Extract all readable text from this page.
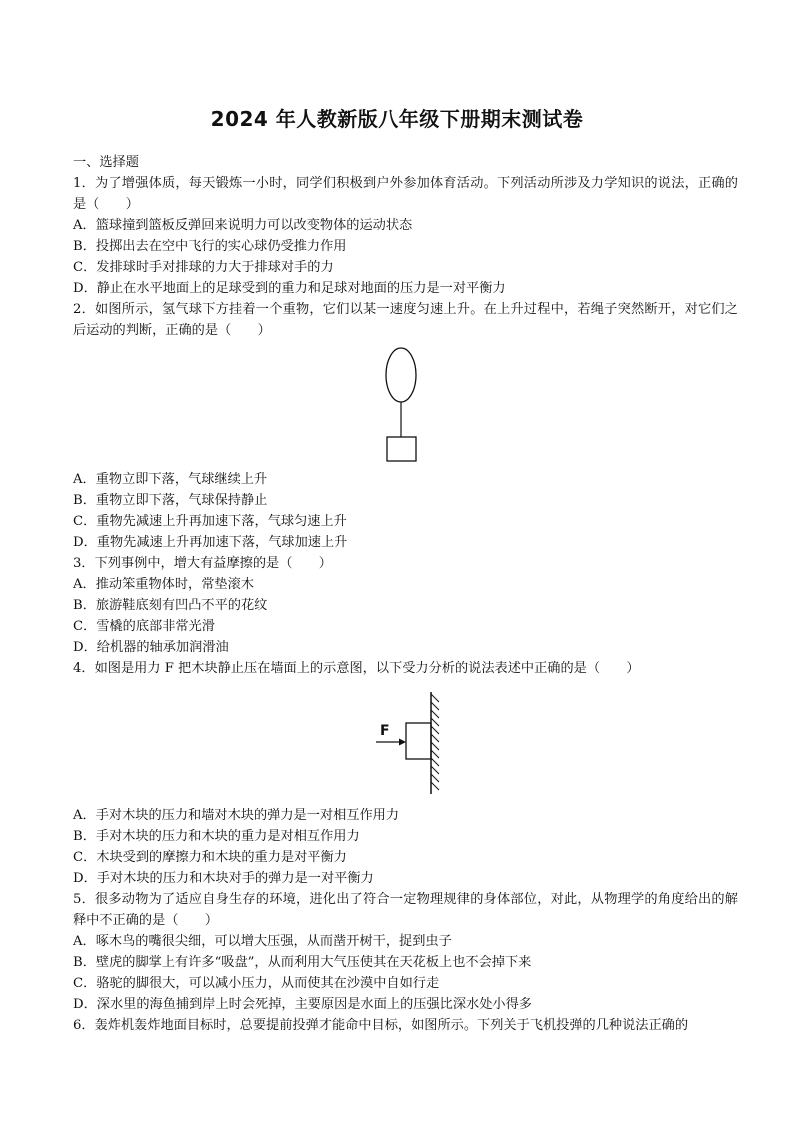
2024 年人教新版八年级下册期末测试卷
一、选择题
1．为了增强体质，每天锻炼一小时，同学们积极到户外参加体育活动。下列活动所涉及力学知识的说法，正确的是（　　）
A．篮球撞到篮板反弹回来说明力可以改变物体的运动状态
B．投掷出去在空中飞行的实心球仍受推力作用
C．发排球时手对排球的力大于排球对手的力
D．静止在水平地面上的足球受到的重力和足球对地面的压力是一对平衡力
2．如图所示，氢气球下方挂着一个重物，它们以某一速度匀速上升。在上升过程中，若绳子突然断开，对它们之后运动的判断，正确的是（　　）
A．重物立即下落，气球继续上升
B．重物立即下落，气球保持静止
C．重物先减速上升再加速下落，气球匀速上升
D．重物先减速上升再加速下落，气球加速上升
3．下列事例中，增大有益摩擦的是（　　）
A．推动笨重物体时，常垫滚木
B．旅游鞋底刻有凹凸不平的花纹
C．雪橇的底部非常光滑
D．给机器的轴承加润滑油
4．如图是用力 F 把木块静止压在墙面上的示意图，以下受力分析的说法表述中正确的是（　　）
F
A．手对木块的压力和墙对木块的弹力是一对相互作用力
B．手对木块的压力和木块的重力是对相互作用力
C．木块受到的摩擦力和木块的重力是对平衡力
D．手对木块的压力和木块对手的弹力是一对平衡力
5．很多动物为了适应自身生存的环境，进化出了符合一定物理规律的身体部位，对此，从物理学的角度给出的解释中不正确的是（　　）
A．啄木鸟的嘴很尖细，可以增大压强，从而凿开树干，捉到虫子
B．壁虎的脚掌上有许多“吸盘”，从而利用大气压使其在天花板上也不会掉下来
C．骆驼的脚很大，可以减小压力，从而使其在沙漠中自如行走
D．深水里的海鱼捕到岸上时会死掉，主要原因是水面上的压强比深水处小得多
6．轰炸机轰炸地面目标时，总要提前投弹才能命中目标，如图所示。下列关于飞机投弹的几种说法正确的
